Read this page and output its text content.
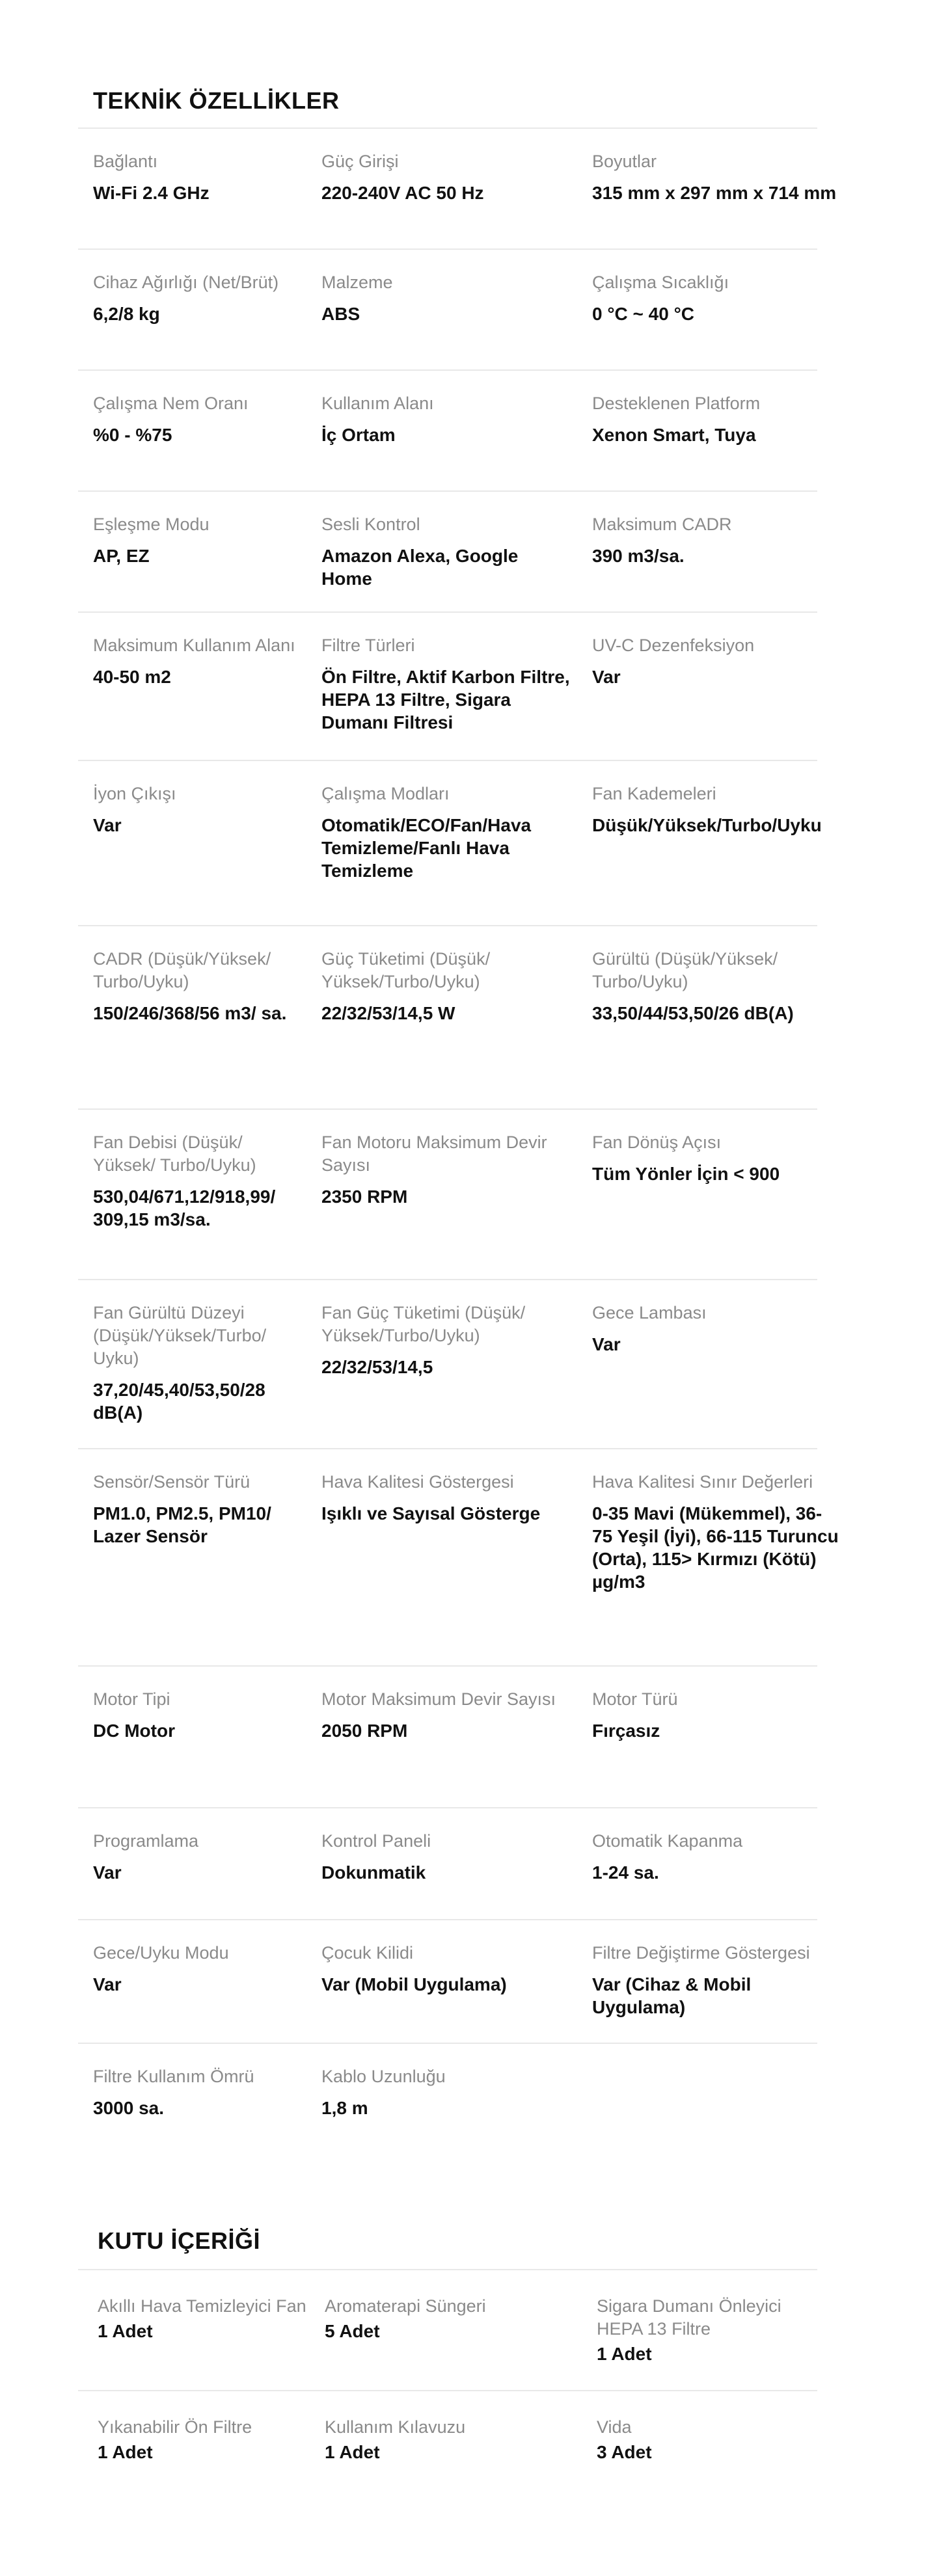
TEKNİK ÖZELLİKLER
Bağlantı
Wi-Fi 2.4 GHz
Güç Girişi
220-240V AC 50 Hz
Boyutlar
315 mm x 297 mm x 714 mm
Cihaz Ağırlığı (Net/Brüt)
6,2/8 kg
Malzeme
ABS
Çalışma Sıcaklığı
0 °C ~ 40 °C
Çalışma Nem Oranı
%0 - %75
Kullanım Alanı
İç Ortam
Desteklenen Platform
Xenon Smart, Tuya
Eşleşme Modu
AP, EZ
Sesli Kontrol
Amazon Alexa, Google Home
Maksimum CADR
390 m3/sa.
Maksimum Kullanım Alanı
40-50 m2
Filtre Türleri
Ön Filtre, Aktif Karbon Filtre, HEPA 13 Filtre, Sigara Dumanı Filtresi
UV-C Dezenfeksiyon
Var
İyon Çıkışı
Var
Çalışma Modları
Otomatik/ECO/Fan/Hava Temizleme/Fanlı Hava Temizleme
Fan Kademeleri
Düşük/Yüksek/Turbo/Uyku
CADR (Düşük/Yüksek/ Turbo/Uyku)
150/246/368/56 m3/ sa.
Güç Tüketimi (Düşük/ Yüksek/Turbo/Uyku)
22/32/53/14,5 W
Gürültü (Düşük/Yüksek/ Turbo/Uyku)
33,50/44/53,50/26 dB(A)
Fan Debisi (Düşük/ Yüksek/ Turbo/Uyku)
530,04/671,12/918,99/ 309,15 m3/sa.
Fan Motoru Maksimum Devir Sayısı
2350 RPM
Fan Dönüş Açısı
Tüm Yönler İçin < 900
Fan Gürültü Düzeyi (Düşük/Yüksek/Turbo/ Uyku)
37,20/45,40/53,50/28 dB(A)
Fan Güç Tüketimi (Düşük/ Yüksek/Turbo/Uyku)
22/32/53/14,5
Gece Lambası
Var
Sensör/Sensör Türü
PM1.0, PM2.5, PM10/ Lazer Sensör
Hava Kalitesi Göstergesi
Işıklı ve Sayısal Gösterge
Hava Kalitesi Sınır Değerleri
0-35 Mavi (Mükemmel), 36-75 Yeşil (İyi), 66-115 Turuncu (Orta), 115> Kırmızı (Kötü) µg/m3
Motor Tipi
DC Motor
Motor Maksimum Devir Sayısı
2050 RPM
Motor Türü
Fırçasız
Programlama
Var
Kontrol Paneli
Dokunmatik
Otomatik Kapanma
1-24 sa.
Gece/Uyku Modu
Var
Çocuk Kilidi
Var (Mobil Uygulama)
Filtre Değiştirme Göstergesi
Var (Cihaz & Mobil Uygulama)
Filtre Kullanım Ömrü
3000 sa.
Kablo Uzunluğu
1,8 m
KUTU İÇERİĞİ
Akıllı Hava Temizleyici Fan
1 Adet
Aromaterapi Süngeri
5 Adet
Sigara Dumanı Önleyici HEPA 13 Filtre
1 Adet
Yıkanabilir Ön Filtre
1 Adet
Kullanım Kılavuzu
1 Adet
Vida
3 Adet
